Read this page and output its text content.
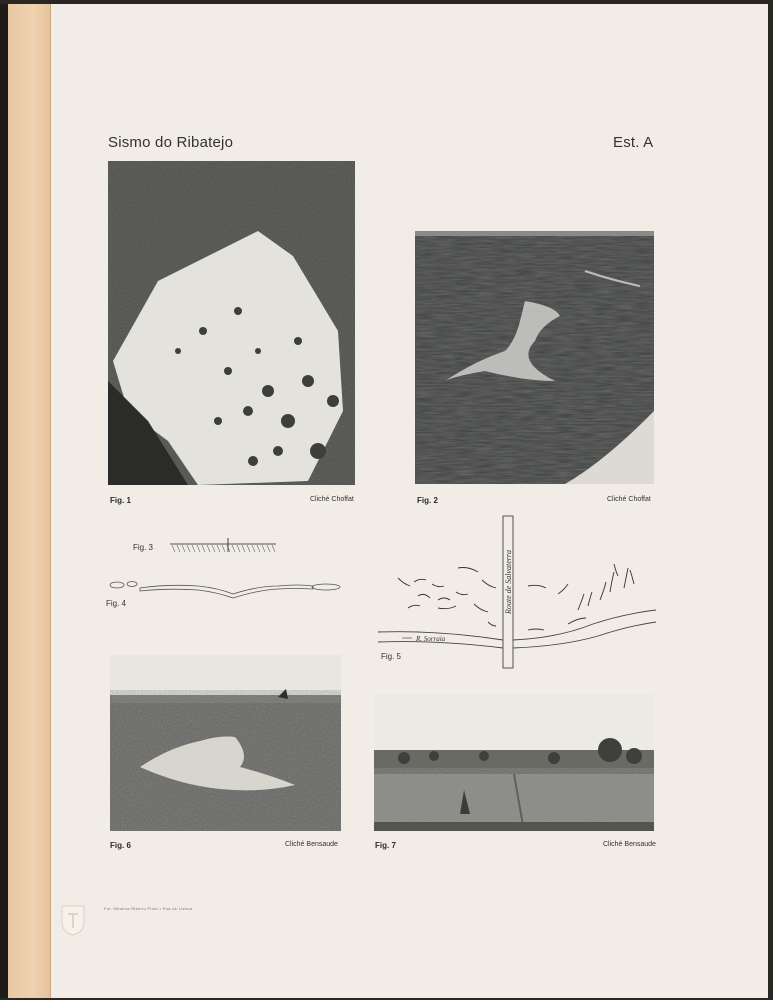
Sismo do Ribatejo	Est. A
Fig. 1	Cliché Choffat	Fig. 2	Cliché Choffat
Fig. 3
Fig. 4	Route de Salvaterra
R. Sorraia
Fig. 5
Fig. 6	Cliché Bensaude	Fig. 7	Cliché Bensaude
Fot. Minerva Ribeiro Pinto • Rua de Lisboa
